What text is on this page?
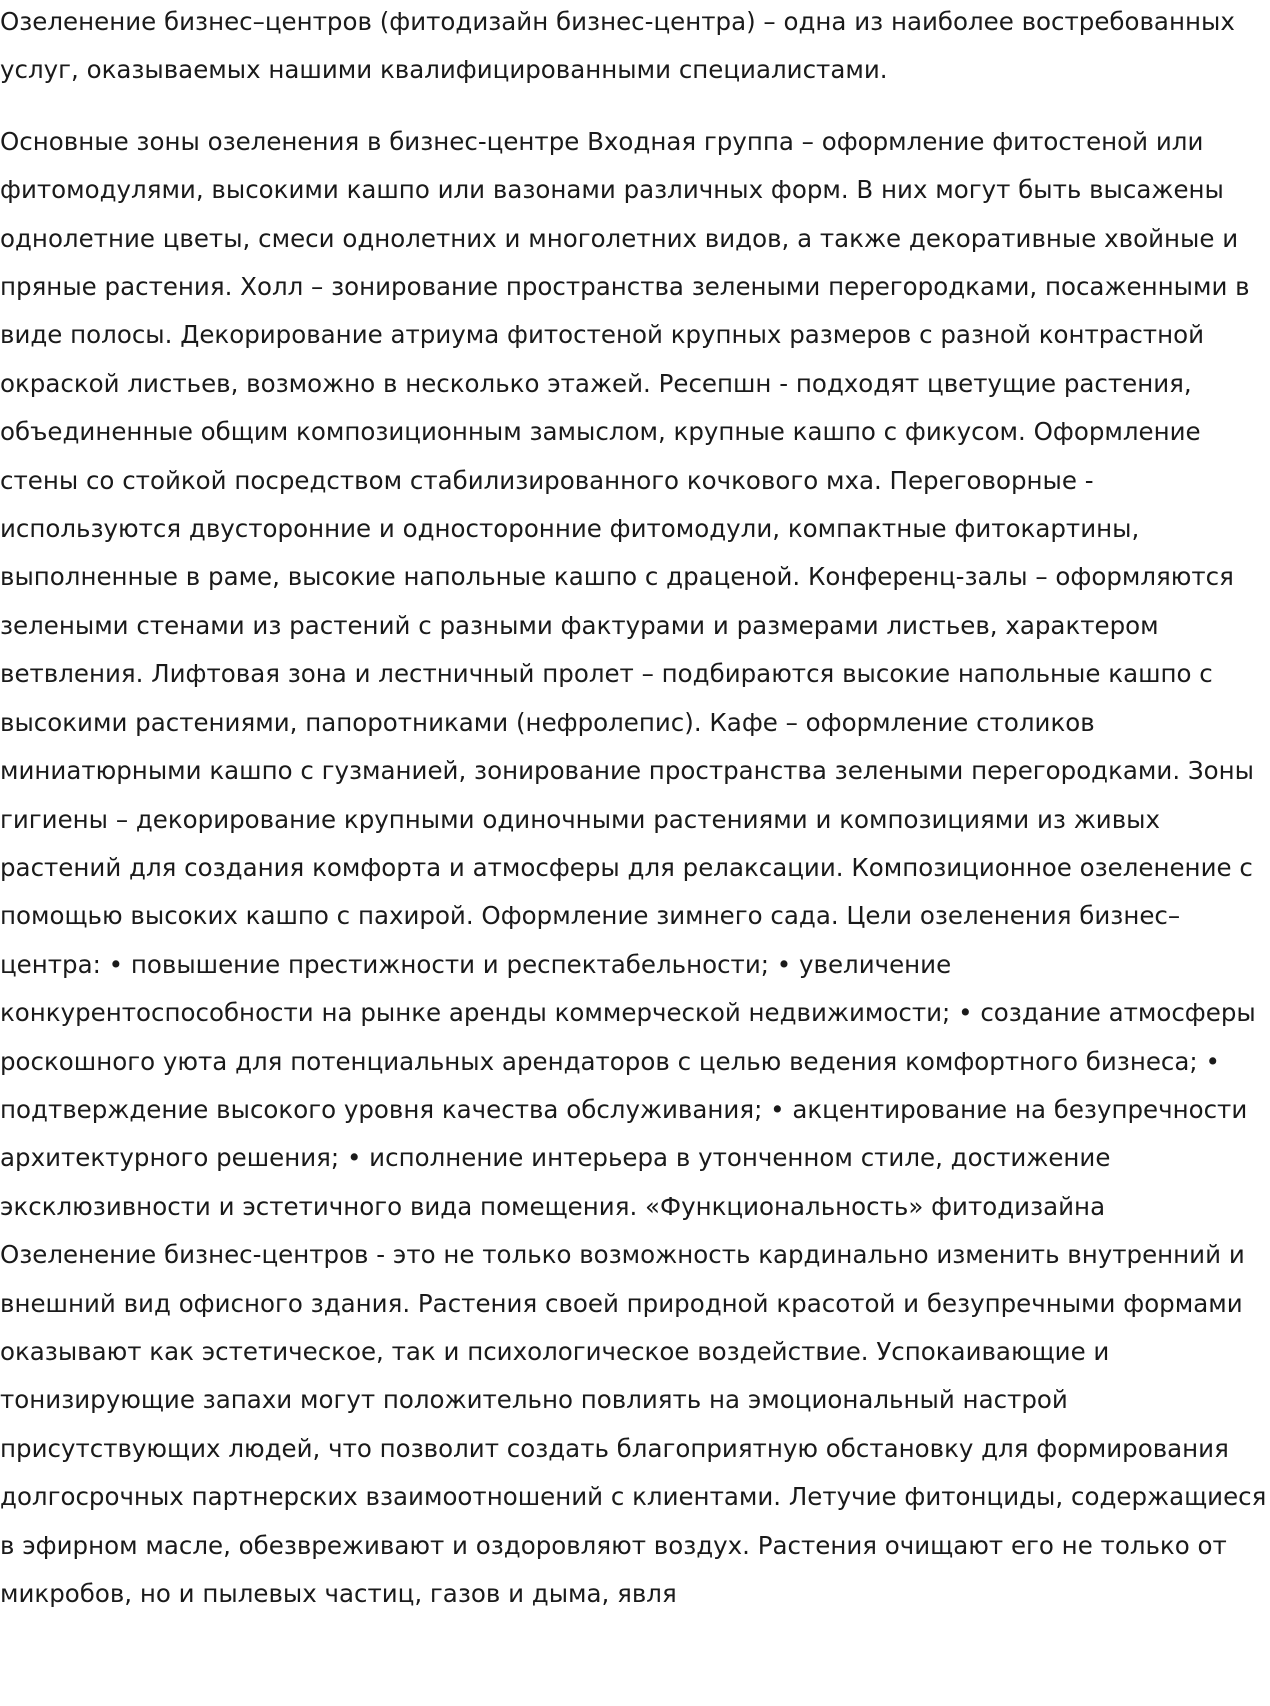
Озеленение бизнес–центров (фитодизайн бизнес-центра) – одна из наиболее востребованных услуг, оказываемых нашими квалифицированными специалистами.

Основные зоны озеленения в бизнес-центре Входная группа – оформление фитостеной или фитомодулями, высокими кашпо или вазонами различных форм. В них могут быть высажены однолетние цветы, смеси однолетних и многолетних видов, а также декоративные хвойные и пряные растения. Холл – зонирование пространства зелеными перегородками, посаженными в виде полосы. Декорирование атриума фитостеной крупных размеров с разной контрастной окраской листьев, возможно в несколько этажей. Ресепшн - подходят цветущие растения, объединенные общим композиционным замыслом, крупные кашпо с фикусом. Оформление стены со стойкой посредством стабилизированного кочкового мха. Переговорные - используются двусторонние и односторонние фитомодули, компактные фитокартины, выполненные в раме, высокие напольные кашпо с драценой. Конференц-залы – оформляются зелеными стенами из растений с разными фактурами и размерами листьев, характером ветвления. Лифтовая зона и лестничный пролет – подбираются высокие напольные кашпо с высокими растениями, папоротниками (нефролепис). Кафе – оформление столиков миниатюрными кашпо с гузманией, зонирование пространства зелеными перегородками. Зоны гигиены – декорирование крупными одиночными растениями и композициями из живых растений для создания комфорта и атмосферы для релаксации. Композиционное озеленение с помощью высоких кашпо с пахирой. Оформление зимнего сада. Цели озеленения бизнес–центра: • повышение престижности и респектабельности; • увеличение конкурентоспособности на рынке аренды коммерческой недвижимости; • создание атмосферы роскошного уюта для потенциальных арендаторов с целью ведения комфортного бизнеса; • подтверждение высокого уровня качества обслуживания; • акцентирование на безупречности архитектурного решения; • исполнение интерьера в утонченном стиле, достижение эксклюзивности и эстетичного вида помещения. «Функциональность» фитодизайна Озеленение бизнес-центров - это не только возможность кардинально изменить внутренний и внешний вид офисного здания. Растения своей природной красотой и безупречными формами оказывают как эстетическое, так и психологическое воздействие. Успокаивающие и тонизирующие запахи могут положительно повлиять на эмоциональный настрой присутствующих людей, что позволит создать благоприятную обстановку для формирования долгосрочных партнерских взаимоотношений с клиентами. Летучие фитонциды, содержащиеся в эфирном масле, обезвреживают и оздоровляют воздух. Растения очищают его не только от микробов, но и пылевых частиц, газов и дыма, явля
